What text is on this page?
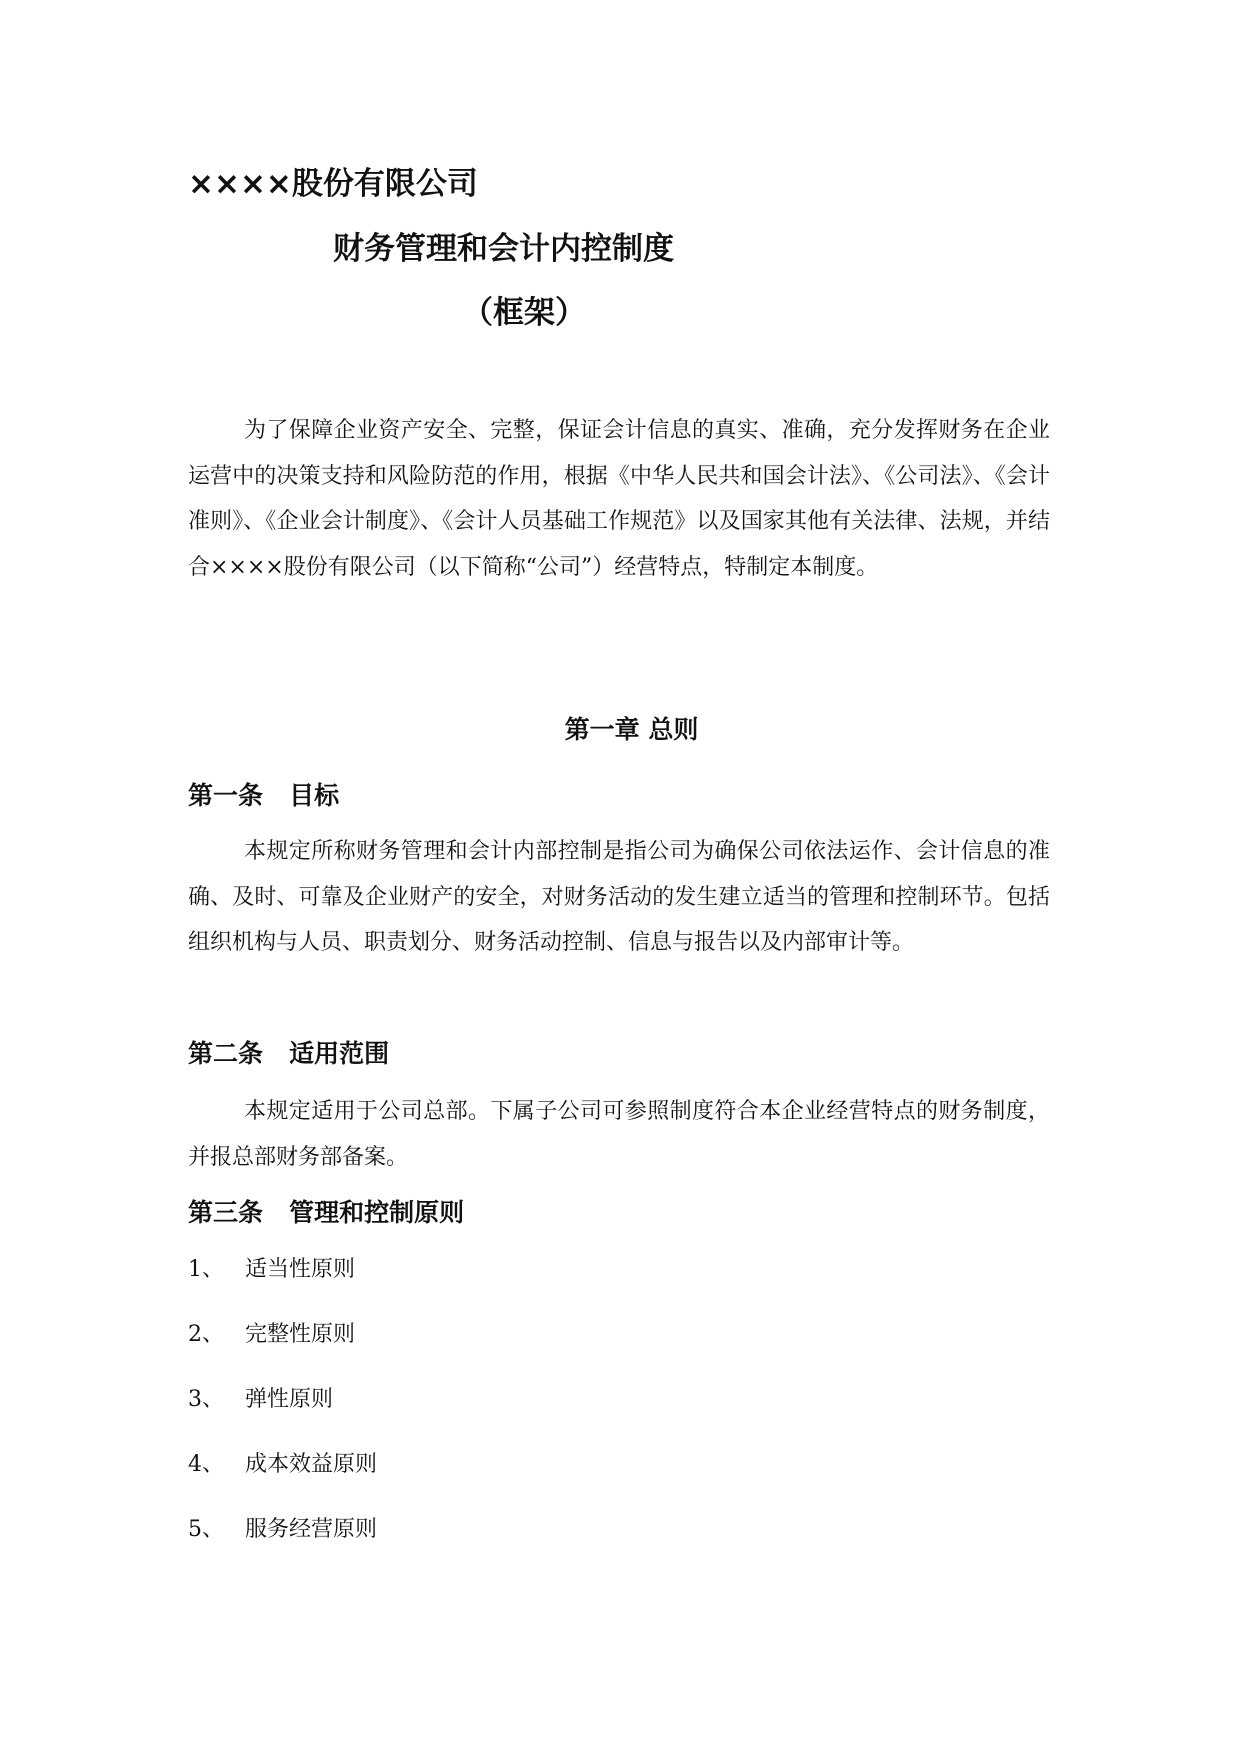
××××股份有限公司
财务管理和会计内控制度
（框架）

为了保障企业资产安全、完整，保证会计信息的真实、准确，充分发挥财务在企业运营中的决策支持和风险防范的作用，根据《中华人民共和国会计法》、《公司法》、《会计准则》、《企业会计制度》、《会计人员基础工作规范》以及国家其他有关法律、法规，并结合××××股份有限公司（以下简称“公司”）经营特点，特制定本制度。

第一章 总则
第一条   目标

本规定所称财务管理和会计内部控制是指公司为确保公司依法运作、会计信息的准确、及时、可靠及企业财产的安全，对财务活动的发生建立适当的管理和控制环节。包括组织机构与人员、职责划分、财务活动控制、信息与报告以及内部审计等。

第二条   适用范围

本规定适用于公司总部。下属子公司可参照制度符合本企业经营特点的财务制度，并报总部财务部备案。

第三条   管理和控制原则
1、 适当性原则
2、 完整性原则
3、 弹性原则
4、 成本效益原则
5、 服务经营原则
